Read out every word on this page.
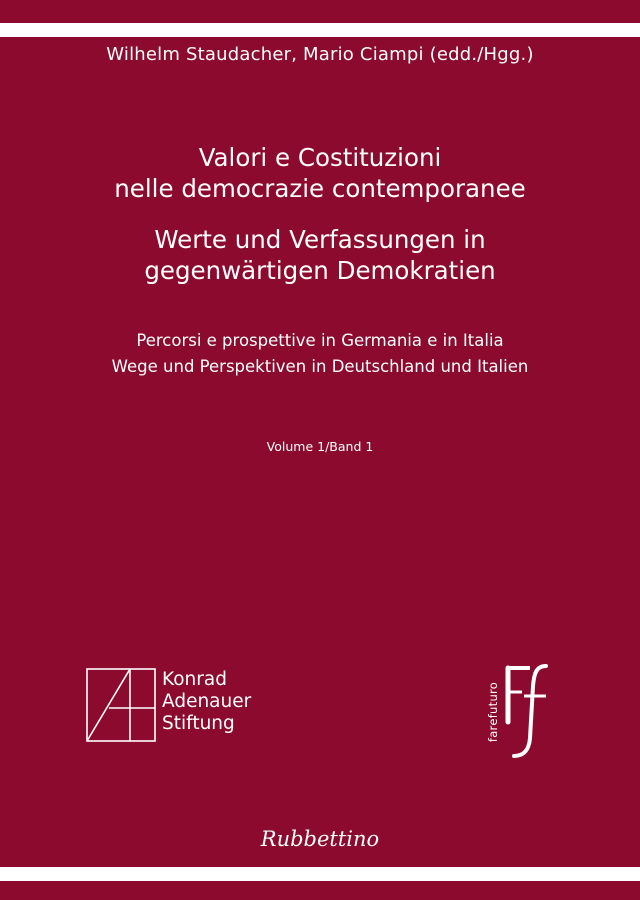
Wilhelm Staudacher, Mario Ciampi (edd./Hgg.)
Valori e Costituzioni
nelle democrazie contemporanee
Werte und Verfassungen in
gegenwärtigen Demokratien
Percorsi e prospettive in Germania e in Italia
Wege und Perspektiven in Deutschland und Italien
Volume 1/Band 1
Konrad
Adenauer
Stiftung	farefuturo
Rubbettino
